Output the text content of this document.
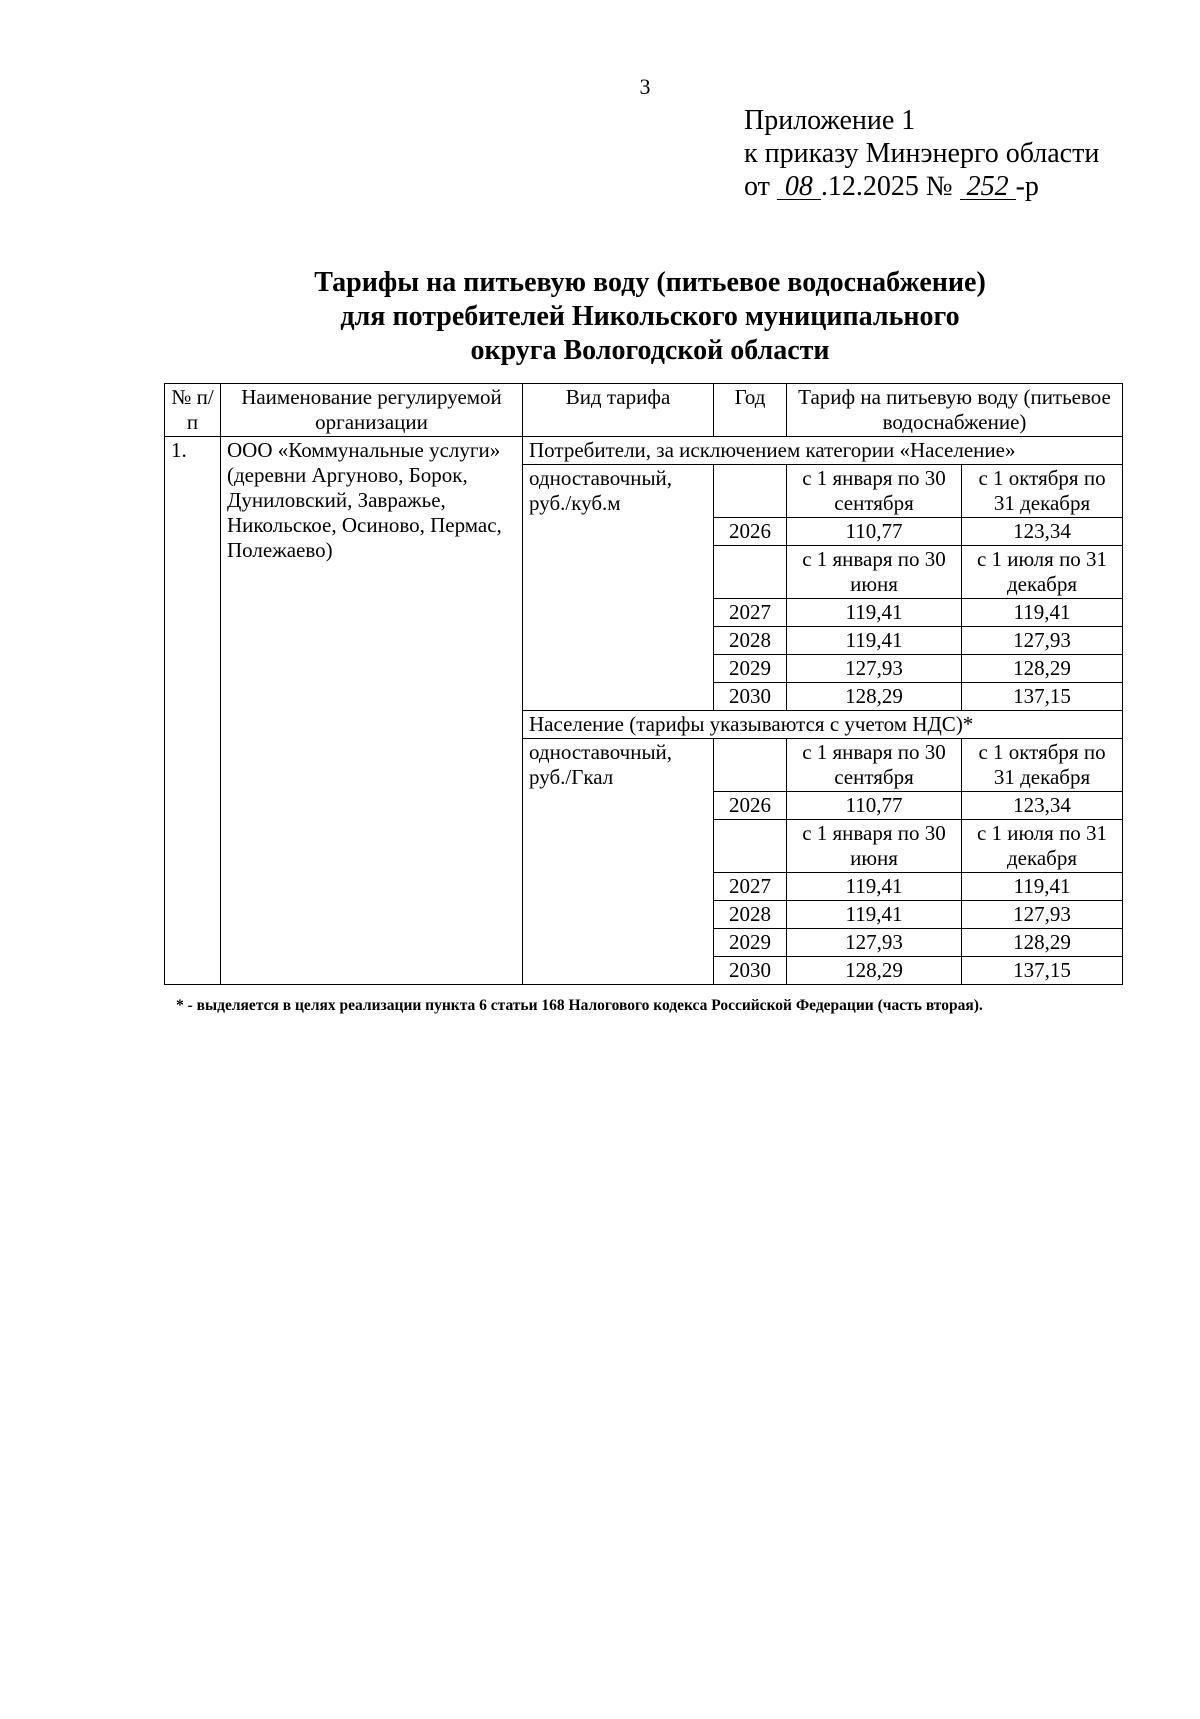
3
Приложение 1
к приказу Минэнерго области
от 08 .12.2025 № 252 -р
Тарифы на питьевую воду (питьевое водоснабжение)
для потребителей Никольского муниципального
округа Вологодской области
№ п/п	Наименование регулируемой организации	Вид тарифа	Год	Тариф на питьевую воду (питьевое водоснабжение)	
1.	ООО «Коммунальные услуги» (деревни Аргуново, Борок, Дуниловский, Завражье, Никольское, Осиново, Пермас, Полежаево)	Потребители, за исключением категории «Население»			
		одноставочный, руб./куб.м		с 1 января по 30 сентября	с 1 октября по 31 декабря
			2026	110,77	123,34
				с 1 января по 30 июня	с 1 июля по 31 декабря
			2027	119,41	119,41
			2028	119,41	127,93
			2029	127,93	128,29
			2030	128,29	137,15
		Население (тарифы указываются с учетом НДС)*			
		одноставочный, руб./Гкал		с 1 января по 30 сентября	с 1 октября по 31 декабря
			2026	110,77	123,34
				с 1 января по 30 июня	с 1 июля по 31 декабря
			2027	119,41	119,41
			2028	119,41	127,93
			2029	127,93	128,29
			2030	128,29	137,15
* - выделяется в целях реализации пункта 6 статьи 168 Налогового кодекса Российской Федерации (часть вторая).
